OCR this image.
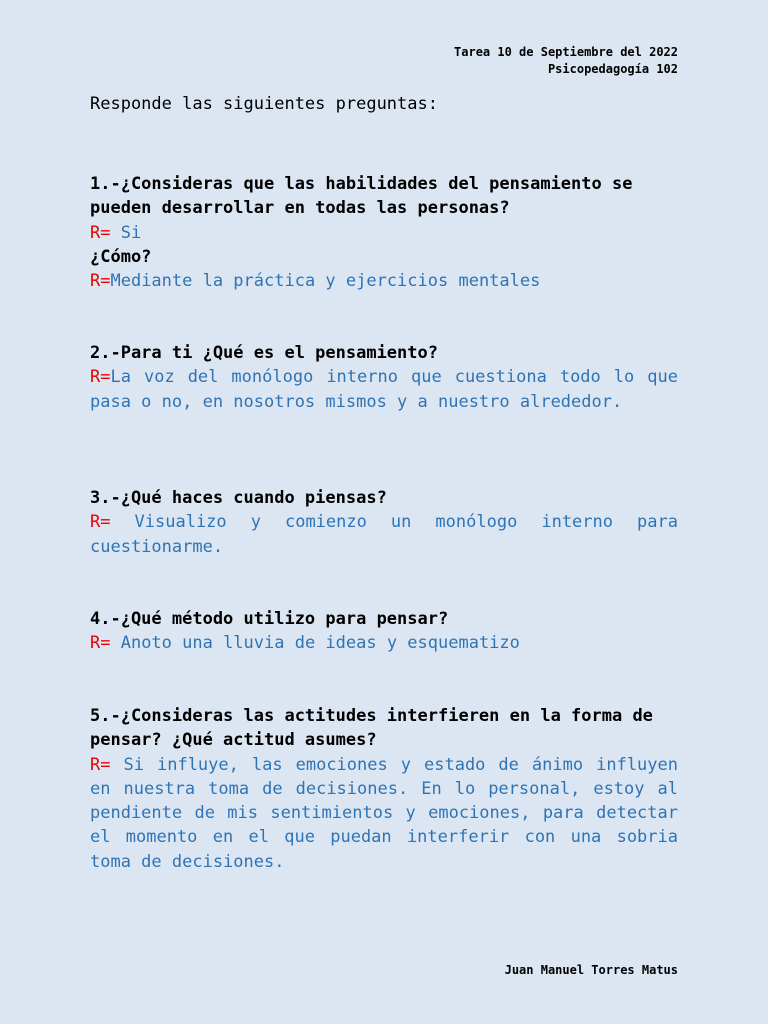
Tarea 10 de Septiembre del 2022
Psicopedagogía 102
Responde las siguientes preguntas:

1.-¿Consideras que las habilidades del pensamiento se pueden desarrollar en todas las personas?

R= Si

¿Cómo?

R=Mediante la práctica y ejercicios mentales

2.-Para ti ¿Qué es el pensamiento?

R=La voz del monólogo interno que cuestiona todo lo que pasa o no, en nosotros mismos y a nuestro alrededor.

3.-¿Qué haces cuando piensas?

R= Visualizo y comienzo un monólogo interno para cuestionarme.

4.-¿Qué método utilizo para pensar?

R= Anoto una lluvia de ideas y esquematizo

5.-¿Consideras las actitudes interfieren en la forma de pensar? ¿Qué actitud asumes?

R= Si influye, las emociones y estado de ánimo influyen en nuestra toma de decisiones. En lo personal, estoy al pendiente de mis sentimientos y emociones, para detectar el momento en el que puedan interferir con una sobria toma de decisiones.

Juan Manuel Torres Matus
